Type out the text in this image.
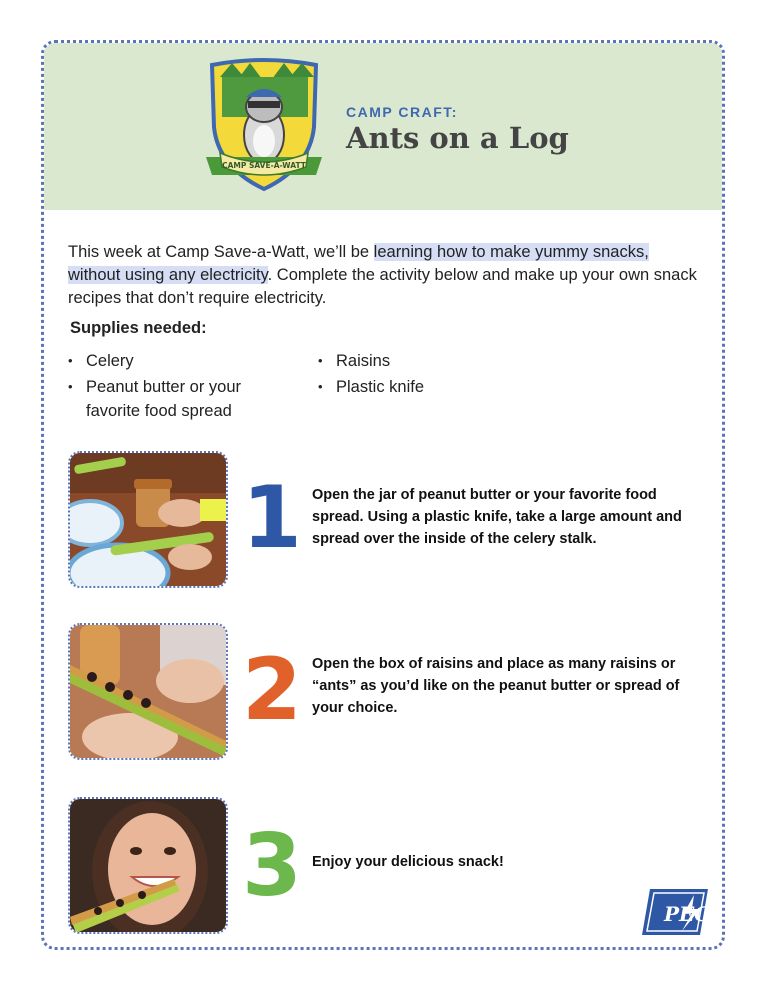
CAMP SAVE-A-WATT
CAMP CRAFT:
Ants on a Log

This week at Camp Save-a-Watt, we’ll be learning how to make yummy snacks, without using any electricity. Complete the activity below and make up your own snack recipes that don’t require electricity.

Supplies needed:
• Celery
• Peanut butter or your favorite food spread
• Raisins
• Plastic knife
1 Open the jar of peanut butter or your favorite food spread. Using a plastic knife, take a large amount and spread over the inside of the celery stalk.
2 Open the box of raisins and place as many raisins or “ants” as you’d like on the peanut butter or spread of your choice.
3 Enjoy your delicious snack!
PEC
